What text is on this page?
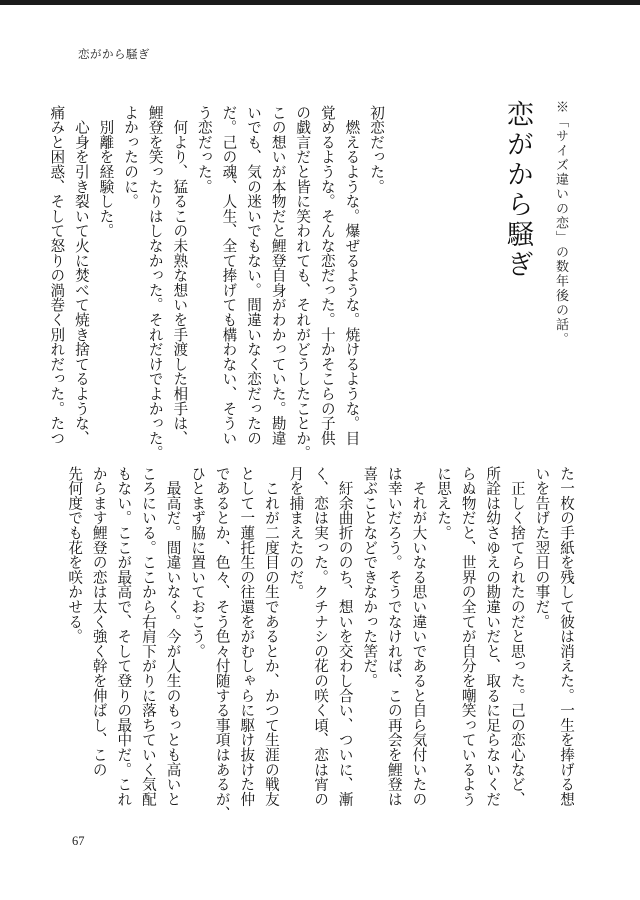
恋がから騒ぎ
恋がから騒ぎ	※「サイズ違いの恋」の数年後の話。
初恋だった。
　燃えるような。爆ぜるような。焼けるような。目
覚めるような。そんな恋だった。十かそこらの子供
の戯言だと皆に笑われても、それがどうしたことか。
この想いが本物だと鯉登自身がわかっていた。勘違
いでも、気の迷いでもない。間違いなく恋だったの
だ。己の魂、人生、全て捧げても構わない、そうい
う恋だった。
　何より、猛るこの未熟な想いを手渡した相手は、
鯉登を笑ったりはしなかった。それだけでよかった。
よかったのに。
　別離を経験した。
　心身を引き裂いて火に焚べて焼き捨てるような、
痛みと困惑、そして怒りの渦巻く別れだった。たつ
た一枚の手紙を残して彼は消えた。一生を捧げる想
いを告げた翌日の事だ。
　正しく捨てられたのだと思った。己の恋心など、
所詮は幼さゆえの勘違いだと、取るに足らないくだ
らぬ物だと、世界の全てが自分を嘲笑っているよう
に思えた。
　それが大いなる思い違いであると自ら気付いたの
は幸いだろう。そうでなければ、この再会を鯉登は
喜ぶことなどできなかった筈だ。
　紆余曲折ののち、想いを交わし合い、ついに、漸
く、恋は実った。クチナシの花の咲く頃、恋は宵の
月を捕まえたのだ。
　これが二度目の生であるとか、かつて生涯の戦友
として一蓮托生の往還をがむしゃらに駆け抜けた仲
であるとか、色々、そう色々付随する事項はあるが、
ひとまず脇に置いておこう。
　最高だ。間違いなく。今が人生のもっとも高いと
ころにいる。ここから右肩下がりに落ちていく気配
もない。ここが最高で、そして登りの最中だ。これ
からます鯉登の恋は太く強く幹を伸ばし、この
先何度でも花を咲かせる。
67
